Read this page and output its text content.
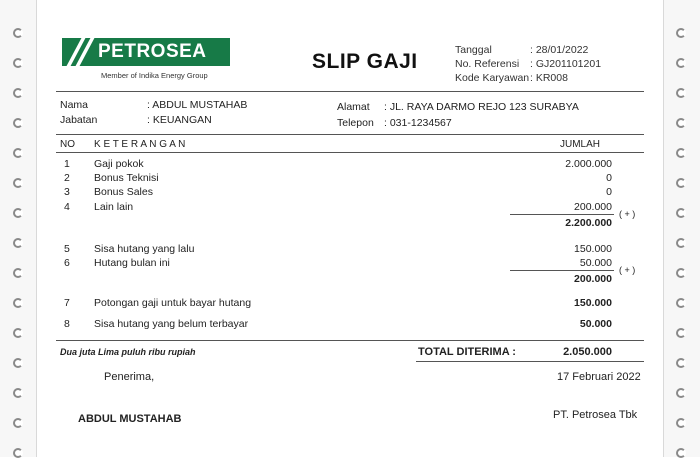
PETROSEA
Member of Indika Energy Group
SLIP GAJI	Tanggal	: 28/01/2022
No. Referensi : GJ201101201
Kode Karyawan : KR008
Nama	: ABDUL MUSTAHAB
Jabatan	: KEUANGAN
Alamat : JL. RAYA DARMO REJO 123 SURABYA
Telepon : 031-1234567
NO K E T E R A N G A N	JUMLAH
1 Gaji pokok	2.000.000
2 Bonus Teknisi	0
3 Bonus Sales	0
4 Lain lain	200.000
( + )
2.200.000
5 Sisa hutang yang lalu	150.000
6 Hutang bulan ini	50.000
( + )
200.000
7 Potongan gaji untuk bayar hutang	150.000
8 Sisa hutang yang belum terbayar	50.000
Dua juta Lima puluh ribu rupiah	TOTAL DITERIMA :	2.050.000
Penerima,	17 Februari 2022
ABDUL MUSTAHAB	PT. Petrosea Tbk
